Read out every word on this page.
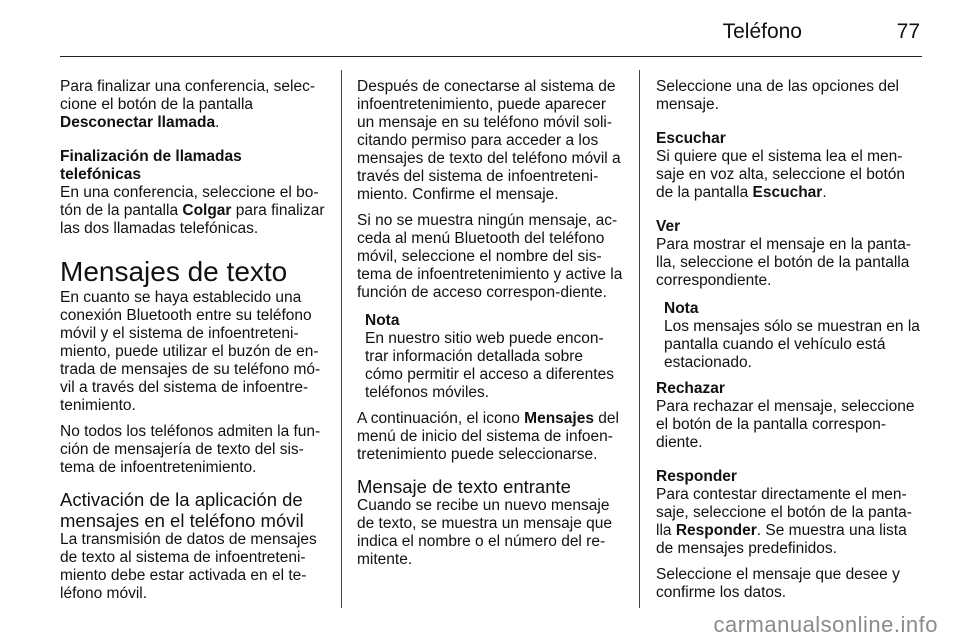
Teléfono	77

Para finalizar una conferencia, selec-cione el botón de la pantalla Desconectar llamada.

Finalización de llamadas telefónicas

En una conferencia, seleccione el bo-tón de la pantalla Colgar para finalizar las dos llamadas telefónicas.

Mensajes de texto

En cuanto se haya establecido una conexión Bluetooth entre su teléfono móvil y el sistema de infoentreteni-miento, puede utilizar el buzón de en-trada de mensajes de su teléfono mó-vil a través del sistema de infoentre-tenimiento.

No todos los teléfonos admiten la fun-ción de mensajería de texto del sis-tema de infoentretenimiento.

Activación de la aplicación de mensajes en el teléfono móvil

La transmisión de datos de mensajes de texto al sistema de infoentreteni-miento debe estar activada en el te-léfono móvil.

Después de conectarse al sistema de infoentretenimiento, puede aparecer un mensaje en su teléfono móvil soli-citando permiso para acceder a los mensajes de texto del teléfono móvil a través del sistema de infoentreteni-miento. Confirme el mensaje.

Si no se muestra ningún mensaje, ac-ceda al menú Bluetooth del teléfono móvil, seleccione el nombre del sis-tema de infoentretenimiento y active la función de acceso correspon-diente.

Nota
En nuestro sitio web puede encon-trar información detallada sobre cómo permitir el acceso a diferentes teléfonos móviles.

A continuación, el icono Mensajes del menú de inicio del sistema de infoen-tretenimiento puede seleccionarse.

Mensaje de texto entrante

Cuando se recibe un nuevo mensaje de texto, se muestra un mensaje que indica el nombre o el número del re-mitente.

Seleccione una de las opciones del mensaje.

Escuchar

Si quiere que el sistema lea el men-saje en voz alta, seleccione el botón de la pantalla Escuchar.

Ver

Para mostrar el mensaje en la panta-lla, seleccione el botón de la pantalla correspondiente.

Nota
Los mensajes sólo se muestran en la pantalla cuando el vehículo está estacionado.
Rechazar

Para rechazar el mensaje, seleccione el botón de la pantalla correspon-diente.

Responder

Para contestar directamente el men-saje, seleccione el botón de la panta-lla Responder. Se muestra una lista de mensajes predefinidos.

Seleccione el mensaje que desee y confirme los datos.

carmanualsonline.info
